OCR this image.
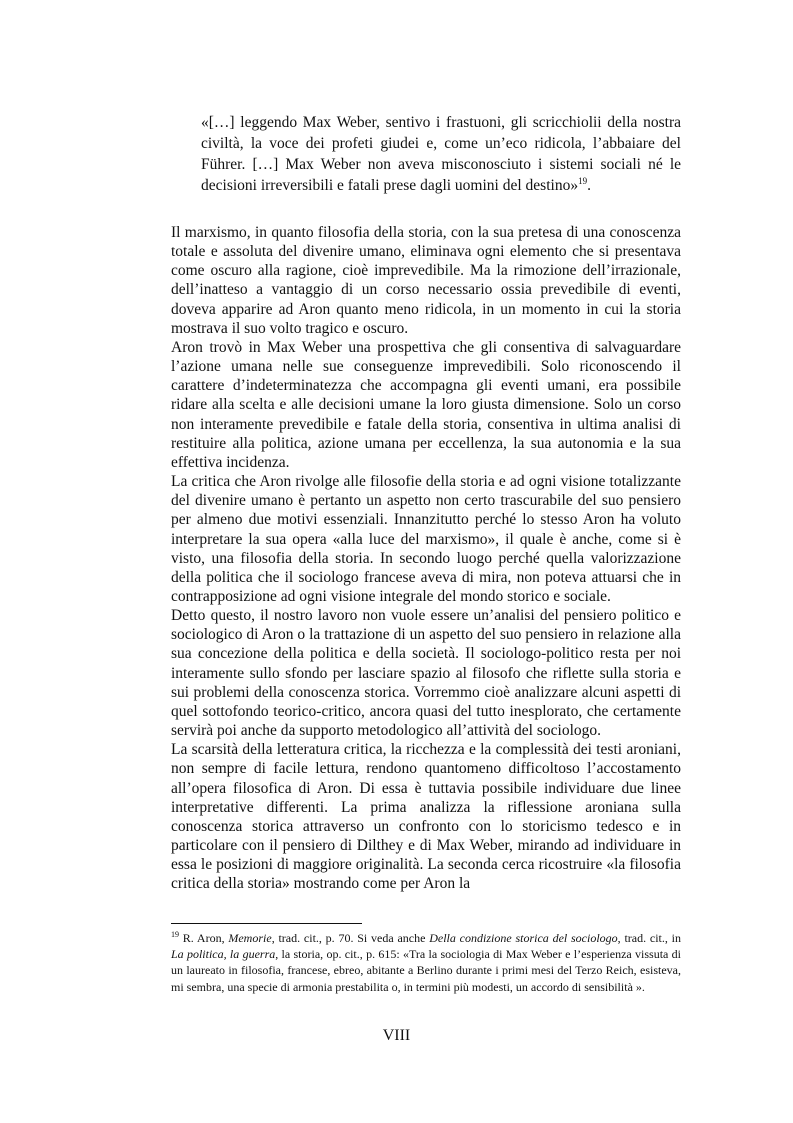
«[…] leggendo Max Weber, sentivo i frastuoni, gli scricchiolii della nostra civiltà, la voce dei profeti giudei e, come un’eco ridicola, l’abbaiare del Führer. […] Max Weber non aveva misconosciuto i sistemi sociali né le decisioni irreversibili e fatali prese dagli uomini del destino»$^{19}$.

Il marxismo, in quanto filosofia della storia, con la sua pretesa di una conoscenza totale e assoluta del divenire umano, eliminava ogni elemento che si presentava come oscuro alla ragione, cioè imprevedibile. Ma la rimozione dell’irrazionale, dell’inatteso a vantaggio di un corso necessario ossia prevedibile di eventi, doveva apparire ad Aron quanto meno ridicola, in un momento in cui la storia mostrava il suo volto tragico e oscuro.

Aron trovò in Max Weber una prospettiva che gli consentiva di salvaguardare l’azione umana nelle sue conseguenze imprevedibili. Solo riconoscendo il carattere d’indeterminatezza che accompagna gli eventi umani, era possibile ridare alla scelta e alle decisioni umane la loro giusta dimensione. Solo un corso non interamente prevedibile e fatale della storia, consentiva in ultima analisi di restituire alla politica, azione umana per eccellenza, la sua autonomia e la sua effettiva incidenza.

La critica che Aron rivolge alle filosofie della storia e ad ogni visione totalizzante del divenire umano è pertanto un aspetto non certo trascurabile del suo pensiero per almeno due motivi essenziali. Innanzitutto perché lo stesso Aron ha voluto interpretare la sua opera «alla luce del marxismo», il quale è anche, come si è visto, una filosofia della storia. In secondo luogo perché quella valorizzazione della politica che il sociologo francese aveva di mira, non poteva attuarsi che in contrapposizione ad ogni visione integrale del mondo storico e sociale.

Detto questo, il nostro lavoro non vuole essere un’analisi del pensiero politico e sociologico di Aron o la trattazione di un aspetto del suo pensiero in relazione alla sua concezione della politica e della società. Il sociologo-politico resta per noi interamente sullo sfondo per lasciare spazio al filosofo che riflette sulla storia e sui problemi della conoscenza storica. Vorremmo cioè analizzare alcuni aspetti di quel sottofondo teorico-critico, ancora quasi del tutto inesplorato, che certamente servirà poi anche da supporto metodologico all’attività del sociologo.

La scarsità della letteratura critica, la ricchezza e la complessità dei testi aroniani, non sempre di facile lettura, rendono quantomeno difficoltoso l’accostamento all’opera filosofica di Aron. Di essa è tuttavia possibile individuare due linee interpretative differenti. La prima analizza la riflessione aroniana sulla conoscenza storica attraverso un confronto con lo storicismo tedesco e in particolare con il pensiero di Dilthey e di Max Weber, mirando ad individuare in essa le posizioni di maggiore originalità. La seconda cerca ricostruire «la filosofia critica della storia» mostrando come per Aron la

$^{19}$ R. Aron, Memorie, trad. cit., p. 70. Si veda anche Della condizione storica del sociologo, trad. cit., in La politica, la guerra, la storia, op. cit., p. 615: «Tra la sociologia di Max Weber e l’esperienza vissuta di un laureato in filosofia, francese, ebreo, abitante a Berlino durante i primi mesi del Terzo Reich, esisteva, mi sembra, una specie di armonia prestabilita o, in termini più modesti, un accordo di sensibilità ».
VIII
